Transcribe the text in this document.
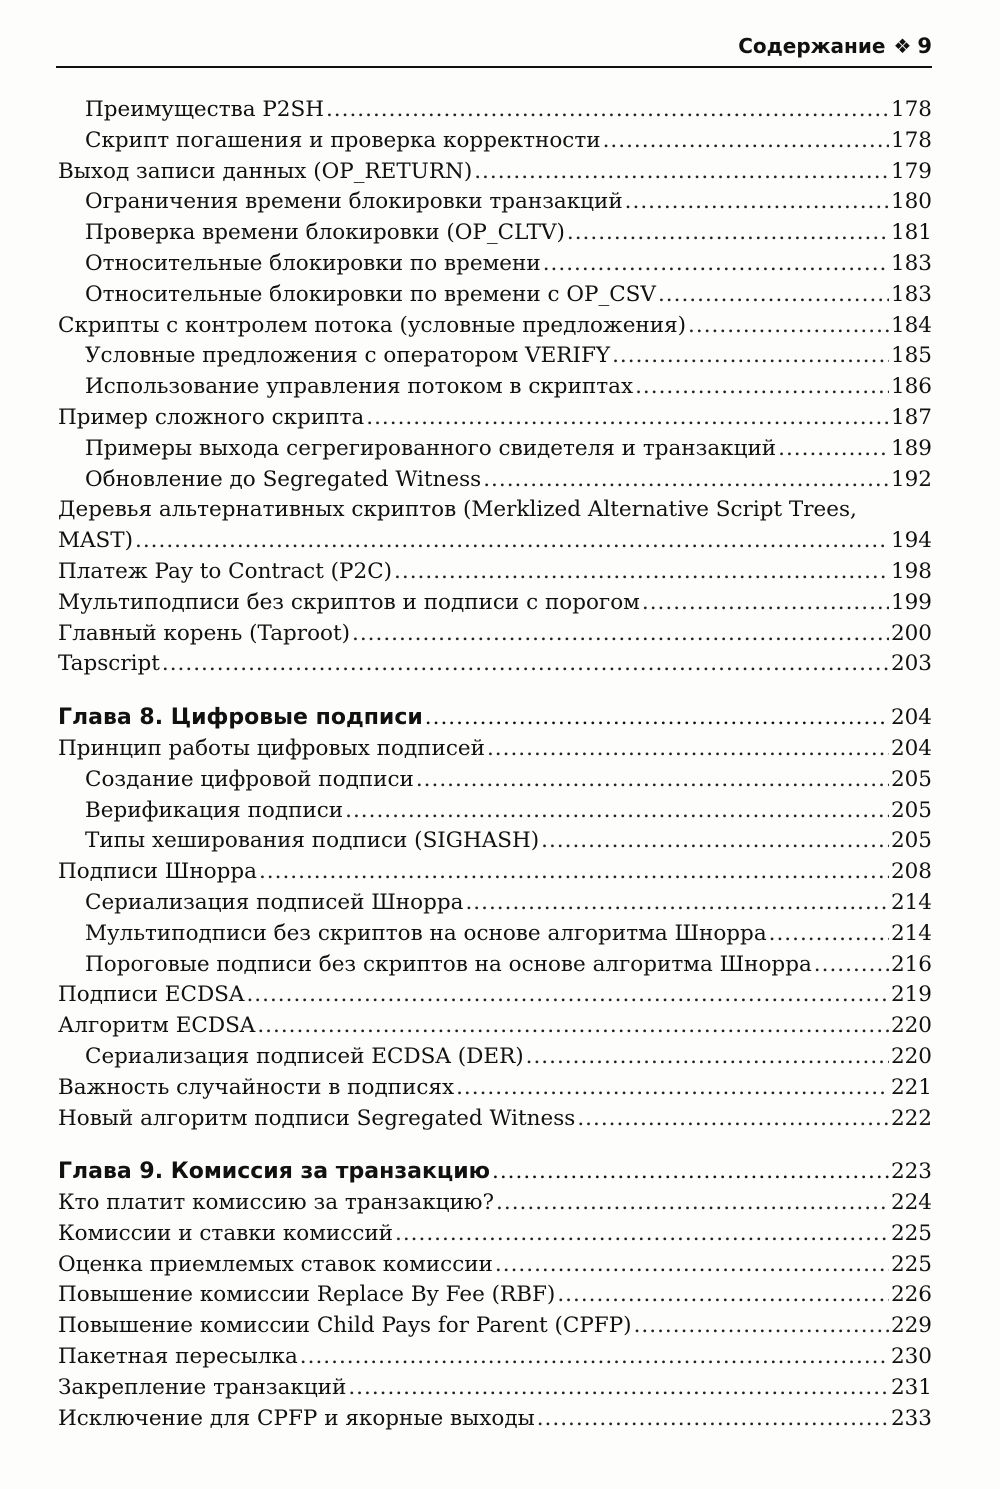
Содержание ❖ 9
Преимущества P2SH .....	178
Скрипт погашения и проверка корректности .....	178
Выход записи данных (OP_RETURN) .....	179
Ограничения времени блокировки транзакций .....	180
Проверка времени блокировки (OP_CLTV) .....	181
Относительные блокировки по времени .....	183
Относительные блокировки по времени с OP_CSV .....	183
Скрипты с контролем потока (условные предложения) .....	184
Условные предложения с оператором VERIFY .....	185
Использование управления потоком в скриптах .....	186
Пример сложного скрипта .....	187
Примеры выхода сегрегированного свидетеля и транзакций .....	189
Обновление до Segregated Witness .....	192
Деревья альтернативных скриптов (Merklized Alternative Script Trees,
MAST) .....	194
Платеж Pay to Contract (P2C) .....	198
Мультиподписи без скриптов и подписи с порогом .....	199
Главный корень (Taproot) .....	200
Tapscript .....	203
Глава 8. Цифровые подписи .....	204
Принцип работы цифровых подписей .....	204
Создание цифровой подписи .....	205
Верификация подписи .....	205
Типы хеширования подписи (SIGHASH) .....	205
Подписи Шнорра .....	208
Сериализация подписей Шнорра .....	214
Мультиподписи без скриптов на основе алгоритма Шнорра .....	214
Пороговые подписи без скриптов на основе алгоритма Шнорра .....	216
Подписи ECDSA .....	219
Алгоритм ECDSA .....	220
Сериализация подписей ECDSA (DER) .....	220
Важность случайности в подписях .....	221
Новый алгоритм подписи Segregated Witness .....	222
Глава 9. Комиссия за транзакцию .....	223
Кто платит комиссию за транзакцию? .....	224
Комиссии и ставки комиссий .....	225
Оценка приемлемых ставок комиссии .....	225
Повышение комиссии Replace By Fee (RBF) .....	226
Повышение комиссии Child Pays for Parent (CPFP) .....	229
Пакетная пересылка .....	230
Закрепление транзакций .....	231
Исключение для CPFP и якорные выходы .....	233
